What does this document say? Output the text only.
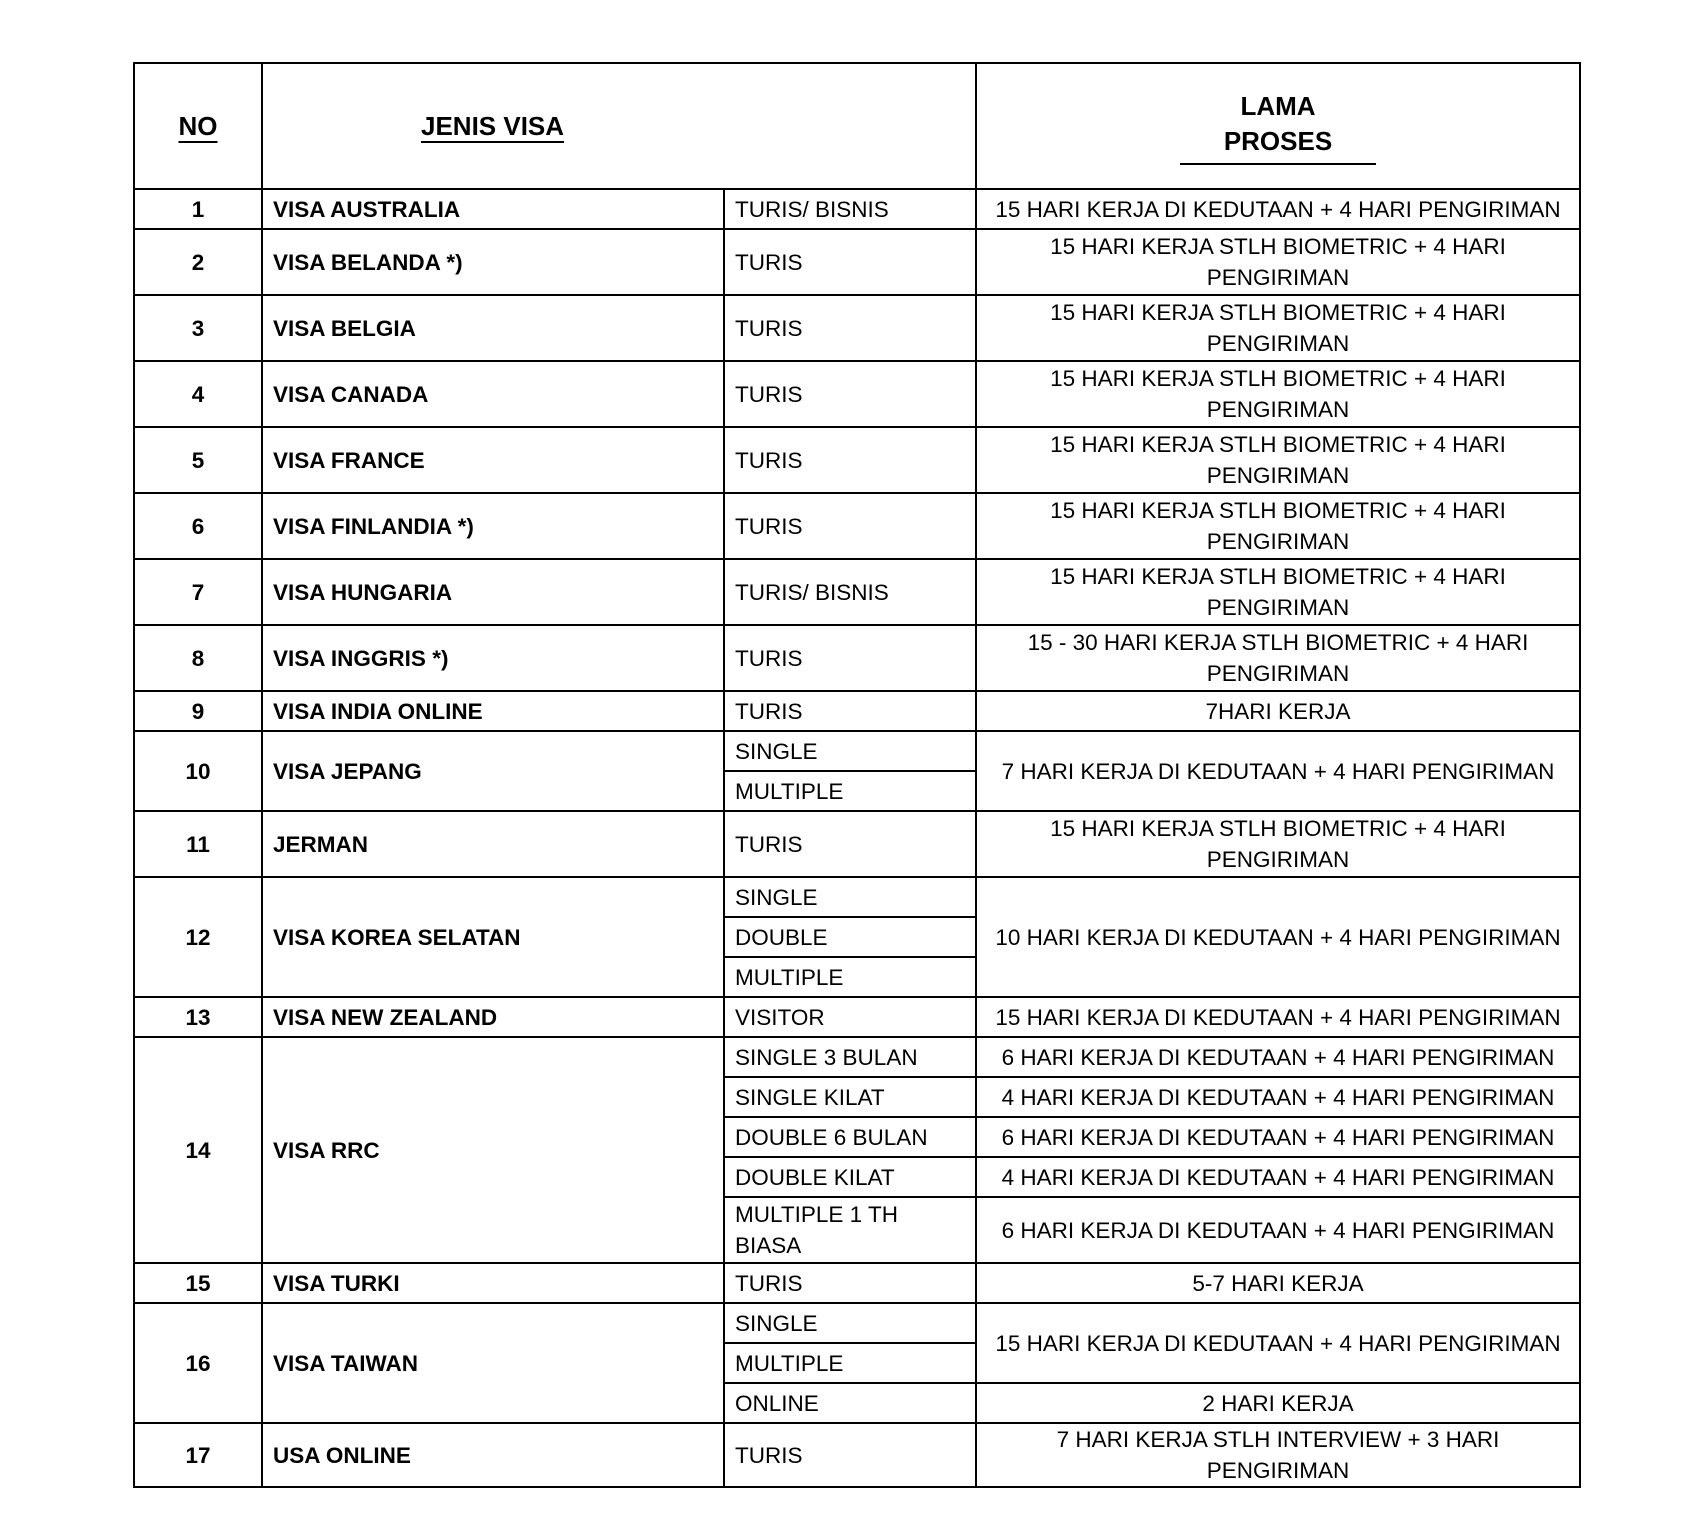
NO	JENIS VISA		LAMA
PROSES
1	VISA AUSTRALIA	TURIS/ BISNIS	15 HARI KERJA DI KEDUTAAN + 4 HARI PENGIRIMAN
2	VISA BELANDA *)	TURIS	15 HARI KERJA STLH BIOMETRIC + 4 HARI PENGIRIMAN
3	VISA BELGIA	TURIS	15 HARI KERJA STLH BIOMETRIC + 4 HARI PENGIRIMAN
4	VISA CANADA	TURIS	15 HARI KERJA STLH BIOMETRIC + 4 HARI PENGIRIMAN
5	VISA FRANCE	TURIS	15 HARI KERJA STLH BIOMETRIC + 4 HARI PENGIRIMAN
6	VISA FINLANDIA *)	TURIS	15 HARI KERJA STLH BIOMETRIC + 4 HARI PENGIRIMAN
7	VISA HUNGARIA	TURIS/ BISNIS	15 HARI KERJA STLH BIOMETRIC + 4 HARI PENGIRIMAN
8	VISA INGGRIS *)	TURIS	15 - 30 HARI KERJA STLH BIOMETRIC + 4 HARI PENGIRIMAN
9	VISA INDIA ONLINE	TURIS	7HARI KERJA
10	VISA JEPANG	SINGLE	7 HARI KERJA DI KEDUTAAN + 4 HARI PENGIRIMAN
		MULTIPLE	
11	JERMAN	TURIS	15 HARI KERJA STLH BIOMETRIC + 4 HARI PENGIRIMAN
12	VISA KOREA SELATAN	SINGLE	10 HARI KERJA DI KEDUTAAN + 4 HARI PENGIRIMAN
		DOUBLE	
		MULTIPLE	
13	VISA NEW ZEALAND	VISITOR	15 HARI KERJA DI KEDUTAAN + 4 HARI PENGIRIMAN
14	VISA RRC	SINGLE 3 BULAN	6 HARI KERJA DI KEDUTAAN + 4 HARI PENGIRIMAN
		SINGLE KILAT	4 HARI KERJA DI KEDUTAAN + 4 HARI PENGIRIMAN
		DOUBLE 6 BULAN	6 HARI KERJA DI KEDUTAAN + 4 HARI PENGIRIMAN
		DOUBLE KILAT	4 HARI KERJA DI KEDUTAAN + 4 HARI PENGIRIMAN
		MULTIPLE 1 TH BIASA	6 HARI KERJA DI KEDUTAAN + 4 HARI PENGIRIMAN
15	VISA TURKI	TURIS	5-7 HARI KERJA
16	VISA TAIWAN	SINGLE	15 HARI KERJA DI KEDUTAAN + 4 HARI PENGIRIMAN
		MULTIPLE	
		ONLINE	2 HARI KERJA
17	USA ONLINE	TURIS	7 HARI KERJA STLH INTERVIEW + 3 HARI PENGIRIMAN
